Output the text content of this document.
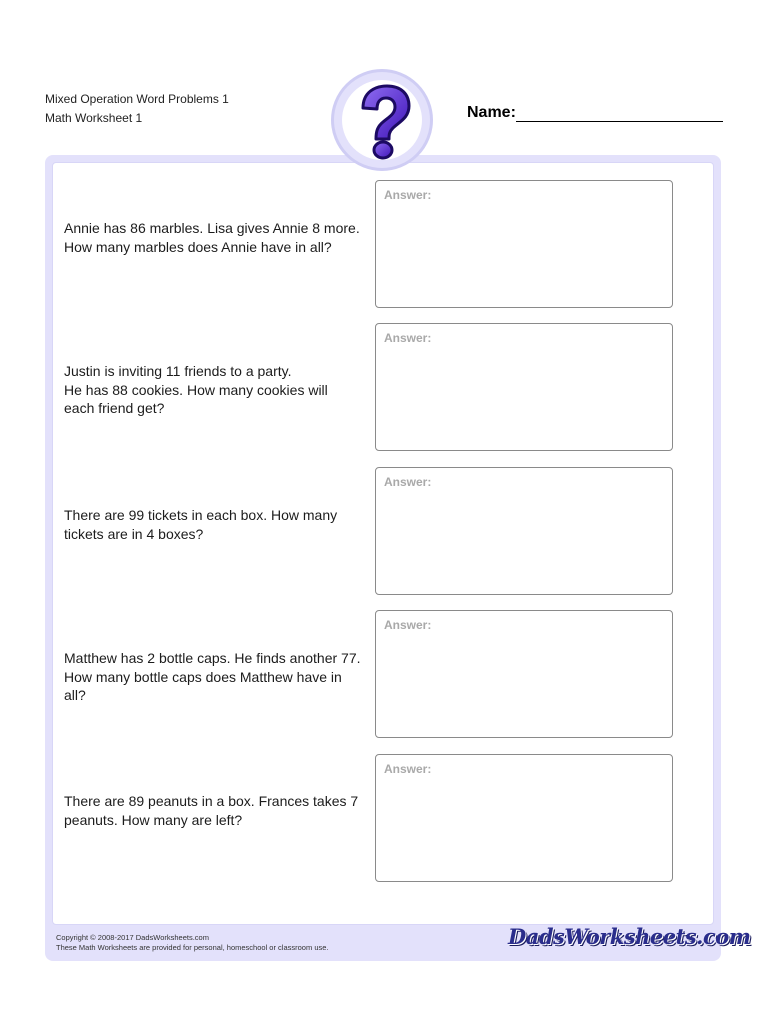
Mixed Operation Word Problems 1
Math Worksheet 1	Name:
Annie has 86 marbles. Lisa gives Annie 8 more. How many marbles does Annie have in all?
Answer:
Justin is inviting 11 friends to a party.
He has 88 cookies. How many cookies will each friend get?
Answer:
There are 99 tickets in each box. How many tickets are in 4 boxes?
Answer:
Matthew has 2 bottle caps. He finds another 77. How many bottle caps does Matthew have in all?
Answer:
There are 89 peanuts in a box. Frances takes 7 peanuts. How many are left?
Answer:
Copyright © 2008-2017 DadsWorksheets.com
These Math Worksheets are provided for personal, homeschool or classroom use.	DadsWorksheets.com
